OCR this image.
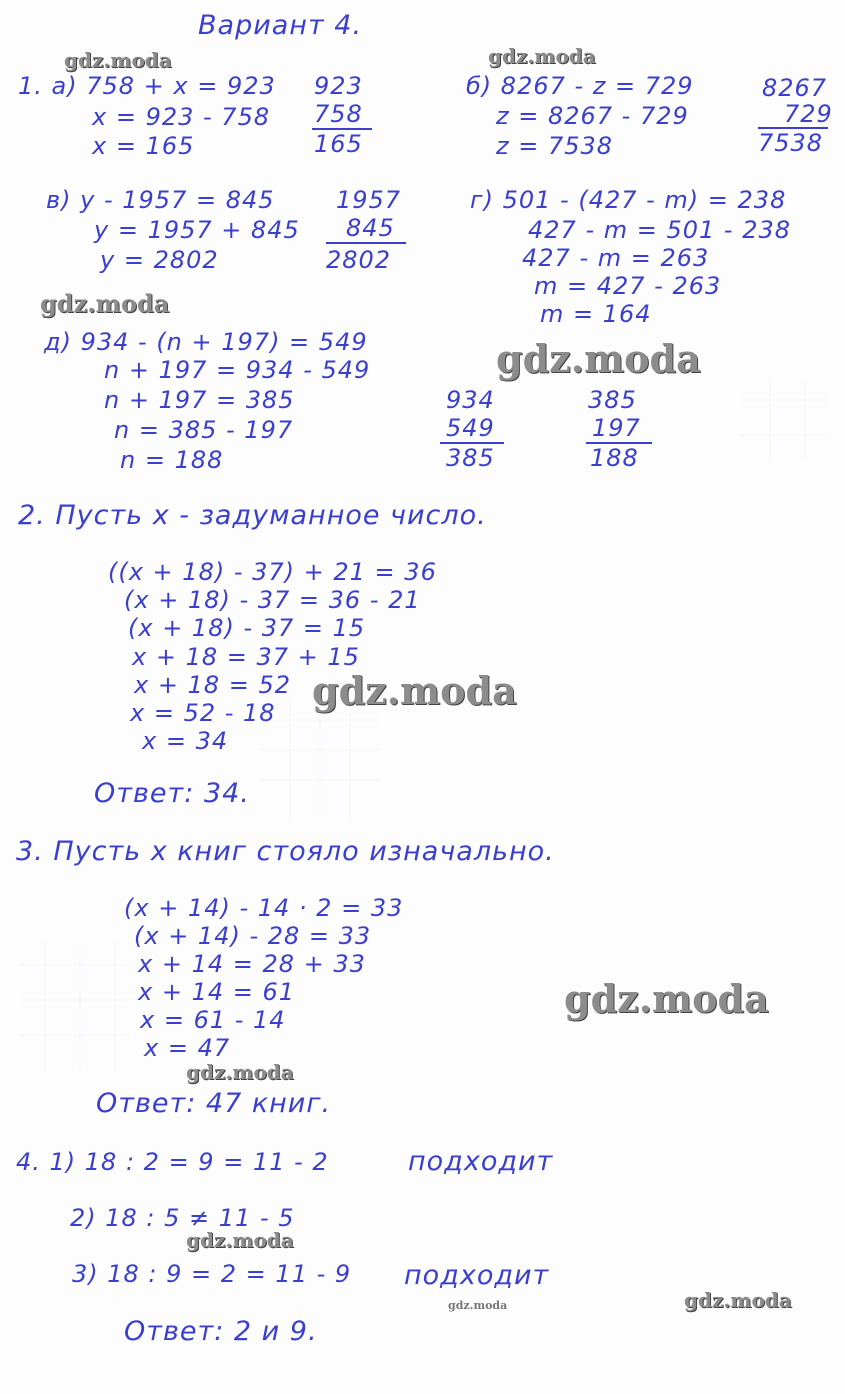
Вариант 4.
1. а) 758 + x = 923
x = 923 - 758
x = 165
923
758
165
б) 8267 - z = 729
z = 8267 - 729
z = 7538
8267
729
7538
в) y - 1957 = 845
y = 1957 + 845
y = 2802
1957
845
2802
г) 501 - (427 - m) = 238
427 - m = 501 - 238
427 - m = 263
m = 427 - 263
m = 164
д) 934 - (n + 197) = 549
n + 197 = 934 - 549
n + 197 = 385
n = 385 - 197
n = 188
934
549
385
385
197
188
2. Пусть x - задуманное число.
((x + 18) - 37) + 21 = 36
(x + 18) - 37 = 36 - 21
(x + 18) - 37 = 15
x + 18 = 37 + 15
x + 18 = 52
x = 52 - 18
x = 34
Ответ: 34.
3. Пусть x книг стояло изначально.
(x + 14) - 14 · 2 = 33
(x + 14) - 28 = 33
x + 14 = 28 + 33
x + 14 = 61
x = 61 - 14
x = 47
Ответ: 47 книг.
4. 1) 18 : 2 = 9 = 11 - 2	подходит
2) 18 : 5 ≠ 11 - 5
3) 18 : 9 = 2 = 11 - 9 подходит
Ответ: 2 и 9.
gdz.moda	gdz.moda
gdz.moda
gdz.moda
gdz.moda
gdz.moda
gdz.moda
gdz.moda
gdz.moda	gdz.moda
